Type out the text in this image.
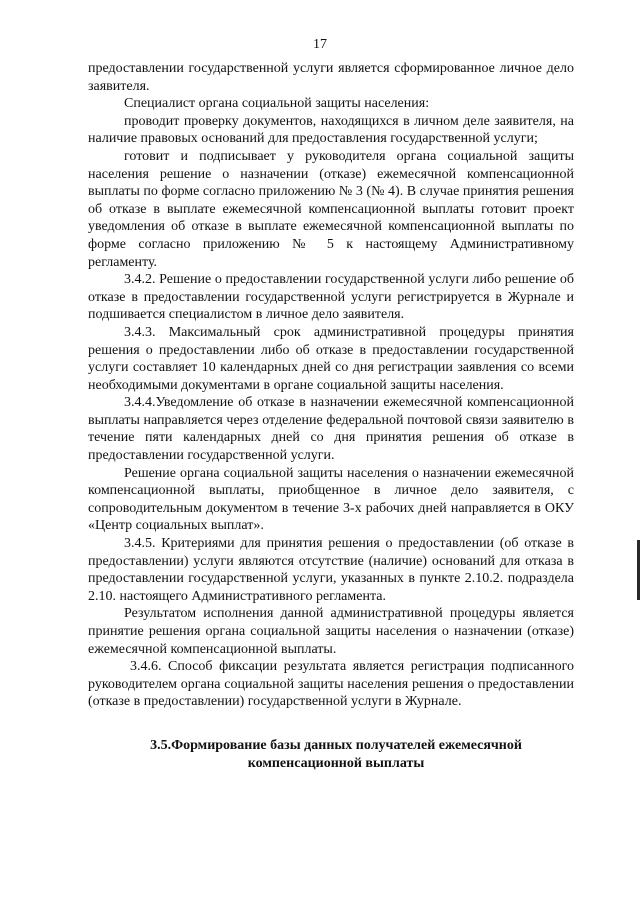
17

предоставлении государственной услуги является сформированное личное дело заявителя.

Специалист органа социальной защиты населения:

проводит проверку документов, находящихся в личном деле заявителя, на наличие правовых оснований для предоставления государственной услуги;

готовит и подписывает у руководителя органа социальной защиты населения решение о назначении (отказе) ежемесячной компенсационной выплаты по форме согласно приложению № 3 (№ 4). В случае принятия решения об отказе в выплате ежемесячной компенсационной выплаты готовит проект уведомления об отказе в выплате ежемесячной компенсационной выплаты по форме согласно приложению № 5 к настоящему Административному регламенту.

3.4.2. Решение о предоставлении государственной услуги либо решение об отказе в предоставлении государственной услуги регистрируется в Журнале и подшивается специалистом в личное дело заявителя.

3.4.3. Максимальный срок административной процедуры принятия решения о предоставлении либо об отказе в предоставлении государственной услуги составляет 10 календарных дней со дня регистрации заявления со всеми необходимыми документами в органе социальной защиты населения.

3.4.4.Уведомление об отказе в назначении ежемесячной компенсационной выплаты направляется через отделение федеральной почтовой связи заявителю в течение пяти календарных дней со дня принятия решения об отказе в предоставлении государственной услуги.

Решение органа социальной защиты населения о назначении ежемесячной компенсационной выплаты, приобщенное в личное дело заявителя, с сопроводительным документом в течение 3-х рабочих дней направляется в ОКУ «Центр социальных выплат».

3.4.5. Критериями для принятия решения о предоставлении (об отказе в предоставлении) услуги являются отсутствие (наличие) оснований для отказа в предоставлении государственной услуги, указанных в пункте 2.10.2. подраздела 2.10. настоящего Административного регламента.

Результатом исполнения данной административной процедуры является принятие решения органа социальной защиты населения о назначении (отказе) ежемесячной компенсационной выплаты.

3.4.6. Способ фиксации результата является регистрация подписанного руководителем органа социальной защиты населения решения о предоставлении (отказе в предоставлении) государственной услуги в Журнале.

3.5.Формирование базы данных получателей ежемесячной
компенсационной выплаты
